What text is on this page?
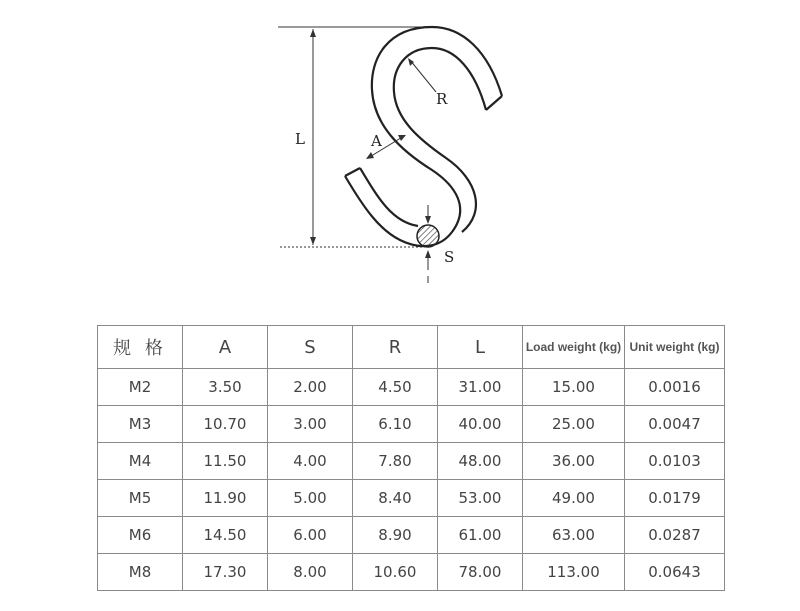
L
R
A
S
规 格	A	S	R	L	Load weight (kg)	Unit weight (kg)
M2	3.50	2.00	4.50	31.00	15.00	0.0016
M3	10.70	3.00	6.10	40.00	25.00	0.0047
M4	11.50	4.00	7.80	48.00	36.00	0.0103
M5	11.90	5.00	8.40	53.00	49.00	0.0179
M6	14.50	6.00	8.90	61.00	63.00	0.0287
M8	17.30	8.00	10.60	78.00	113.00	0.0643
